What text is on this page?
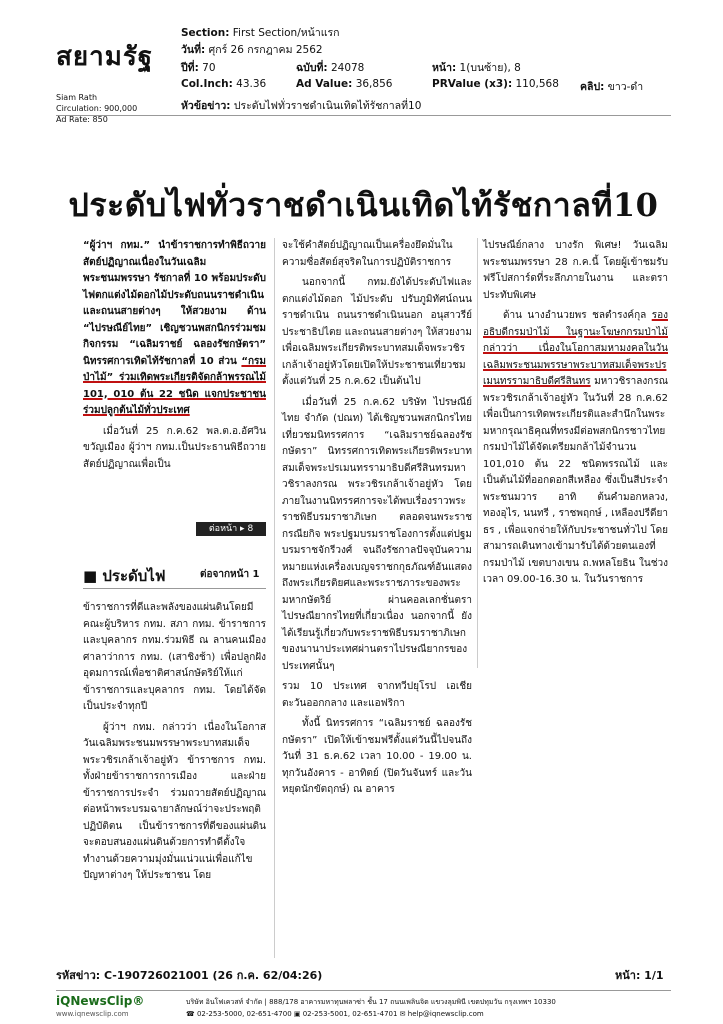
สยามรัฐ
Siam Rath
Circulation: 900,000
Ad Rate: 850
Section: First Section/หน้าแรก
วันที่: ศุกร์ 26 กรกฎาคม 2562
ปีที่: 70	ฉบับที่: 24078	หน้า: 1(บนซ้าย), 8
Col.Inch: 43.36	Ad Value: 36,856	PRValue (x3): 110,568 คลิป: ขาว-ดำ
หัวข้อข่าว: ประดับไฟทั่วราชดำเนินเทิดไท้รัชกาลที่10
ประดับไฟทั่วราชดำเนินเทิดไท้รัชกาลที่10

“ผู้ว่าฯ กทม.” นำข้าราชการทำพิธีถวายสัตย์ปฏิญาณเนื่องในวันเฉลิมพระชนมพรรษา รัชกาลที่ 10 พร้อมประดับไฟตกแต่งไม้ดอกไม้ประดับถนนราชดำเนิน และถนนสายต่างๆ ให้สวยงาม ด้าน “ไปรษณีย์ไทย” เชิญชวนพสกนิกรร่วมชมกิจกรรม “เฉลิมราชย์ ฉลองรัชกษัตรา” นิทรรศการเทิดไท้รัชกาลที่ 10 ส่วน “กรมป่าไม้” ร่วมเทิดพระเกียรติจัดกล้าพรรณไม้ 101, 010 ต้น 22 ชนิด แจกประชาชนร่วมปลูกต้นไม้ทั่วประเทศ

เมื่อวันที่ 25 ก.ค.62 พล.ต.อ.อัศวิน ขวัญเมือง ผู้ว่าฯ กทม.เป็นประธานพิธีถวายสัตย์ปฏิญาณเพื่อเป็น

ต่อหน้า ▸ 8
■ ประดับไฟ	ต่อจากหน้า 1

ข้าราชการที่ดีและพลังของแผ่นดินโดยมีคณะผู้บริหาร กทม. สภา กทม. ข้าราชการและบุคลากร กทม.ร่วมพิธี ณ ลานคนเมืองศาลาว่าการ กทม. (เสาชิงช้า) เพื่อปลูกฝังอุดมการณ์เพื่อชาติศาสน์กษัตริย์ให้แก่ข้าราชการและบุคลากร กทม. โดยได้จัดเป็นประจำทุกปี

ผู้ว่าฯ กทม. กล่าวว่า เนื่องในโอกาสวันเฉลิมพระชนมพรรษาพระบาทสมเด็จพระวชิรเกล้าเจ้าอยู่หัว ข้าราชการ กทม. ทั้งฝ่ายข้าราชการการเมือง และฝ่ายข้าราชการประจำ ร่วมถวายสัตย์ปฏิญาณต่อหน้าพระบรมฉายาลักษณ์ว่าจะประพฤติปฏิบัติตน เป็นข้าราชการที่ดีของแผ่นดิน จะตอบสนองแผ่นดินด้วยการทำดีตั้งใจทำงานด้วยความมุ่งมั่นแน่วแน่เพื่อแก้ไขปัญหาต่างๆ ให้ประชาชน โดย

จะใช้คำสัตย์ปฏิญาณเป็นเครื่องยึดมั่นในความซื่อสัตย์สุจริตในการปฏิบัติราชการ

นอกจากนี้ กทม.ยังได้ประดับไฟและตกแต่งไม้ดอก ไม้ประดับ ปรับภูมิทัศน์ถนนราชดำเนิน ถนนราชดำเนินนอก อนุสาวรีย์ประชาธิปไตย และถนนสายต่างๆ ให้สวยงาม เพื่อเฉลิมพระเกียรติพระบาทสมเด็จพระวชิรเกล้าเจ้าอยู่หัวโดยเปิดให้ประชาชนเที่ยวชมตั้งแต่วันที่ 25 ก.ค.62 เป็นต้นไป

เมื่อวันที่ 25 ก.ค.62 บริษัท ไปรษณีย์ไทย จำกัด (ปณท) ได้เชิญชวนพสกนิกรไทย เที่ยวชมนิทรรศการ “เฉลิมราชย์ฉลองรัชกษัตรา” นิทรรศการเทิดพระเกียรติพระบาทสมเด็จพระปรเมนทรรามาธิบดีศรีสินทรมหาวชิราลงกรณ พระวชิรเกล้าเจ้าอยู่หัว โดยภายในงานนิทรรศการจะได้พบเรื่องราวพระราชพิธีบรมราชาภิเษก ตลอดจนพระราชกรณียกิจ พระปฐมบรมราชโองการตั้งแต่ปฐมบรมราชจักรีวงศ์ จนถึงรัชกาลปัจจุบันความหมายแห่งเครื่องเบญจราชกกุธภัณฑ์อันแสดงถึงพระเกียรติยศและพระราชภาระของพระมหากษัตริย์ ผ่านคอลเลกชั่นตราไปรษณียากรไทยที่เกี่ยวเนื่อง นอกจากนี้ ยังได้เรียนรู้เกี่ยวกับพระราชพิธีบรมราชาภิเษกของนานาประเทศผ่านตราไปรษณียากรของประเทศนั้นๆ

รวม 10 ประเทศ จากทวีปยุโรป เอเชียตะวันออกกลาง และแอฟริกา

ทั้งนี้ นิทรรศการ “เฉลิมราชย์ ฉลองรัชกษัตรา” เปิดให้เข้าชมฟรีตั้งแต่วันนี้ไปจนถึงวันที่ 31 ธ.ค.62 เวลา 10.00 - 19.00 น. ทุกวันอังคาร - อาทิตย์ (ปิดวันจันทร์ และวันหยุดนักขัตฤกษ์) ณ อาคาร

ไปรษณีย์กลาง บางรัก พิเศษ! วันเฉลิมพระชนมพรรษา 28 ก.ค.นี้ โดยผู้เข้าชมรับฟรีโปสการ์ดที่ระลึกภายในงาน และตราประทับพิเศษ

ด้าน นางอำนวยพร ชลตำรงค์กุล รองอธิบดีกรมป่าไม้ ในฐานะโฆษกกรมป่าไม้ กล่าวว่า เนื่องในโอกาสมหามงคลในวันเฉลิมพระชนมพรรษาพระบาทสมเด็จพระปรเมนทรรามาธิบดีศรีสินทร มหาวชิราลงกรณ พระวชิรเกล้าเจ้าอยู่หัว ในวันที่ 28 ก.ค.62 เพื่อเป็นการเทิดพระเกียรติและสำนึกในพระมหากรุณาธิคุณที่ทรงมีต่อพสกนิกรชาวไทยกรมป่าไม้ได้จัดเตรียมกล้าไม้จำนวน 101,010 ต้น 22 ชนิดพรรณไม้ และเป็นต้นไม้ที่ออกดอกสีเหลือง ซึ่งเป็นสีประจำพระชนมวาร อาทิ ต้นคำมอกหลวง, ทองอุไร, นนทรี , ราชพฤกษ์ , เหลืองปรีดียาธร , เพื่อแจกจ่ายให้กับประชาชนทั่วไป โดยสามารถเดินทางเข้ามารับได้ด้วยตนเองที่กรมป่าไม้ เขตบางเขน ถ.พหลโยธิน ในช่วงเวลา 09.00-16.30 น. ในวันราชการ

รหัสข่าว: C-190726021001 (26 ก.ค. 62/04:26)	หน้า: 1/1
iQNewsClip®
www.iqnewsclip.com
บริษัท อินโฟเควสท์ จำกัด | 888/178 อาคารมหาทุนพลาซ่า ชั้น 17 ถนนเพลินจิต แขวงลุมพินี เขตปทุมวัน กรุงเทพฯ 10330
☎ 02-253-5000, 02-651-4700 ▣ 02-253-5001, 02-651-4701 ✉ help@iqnewsclip.com
